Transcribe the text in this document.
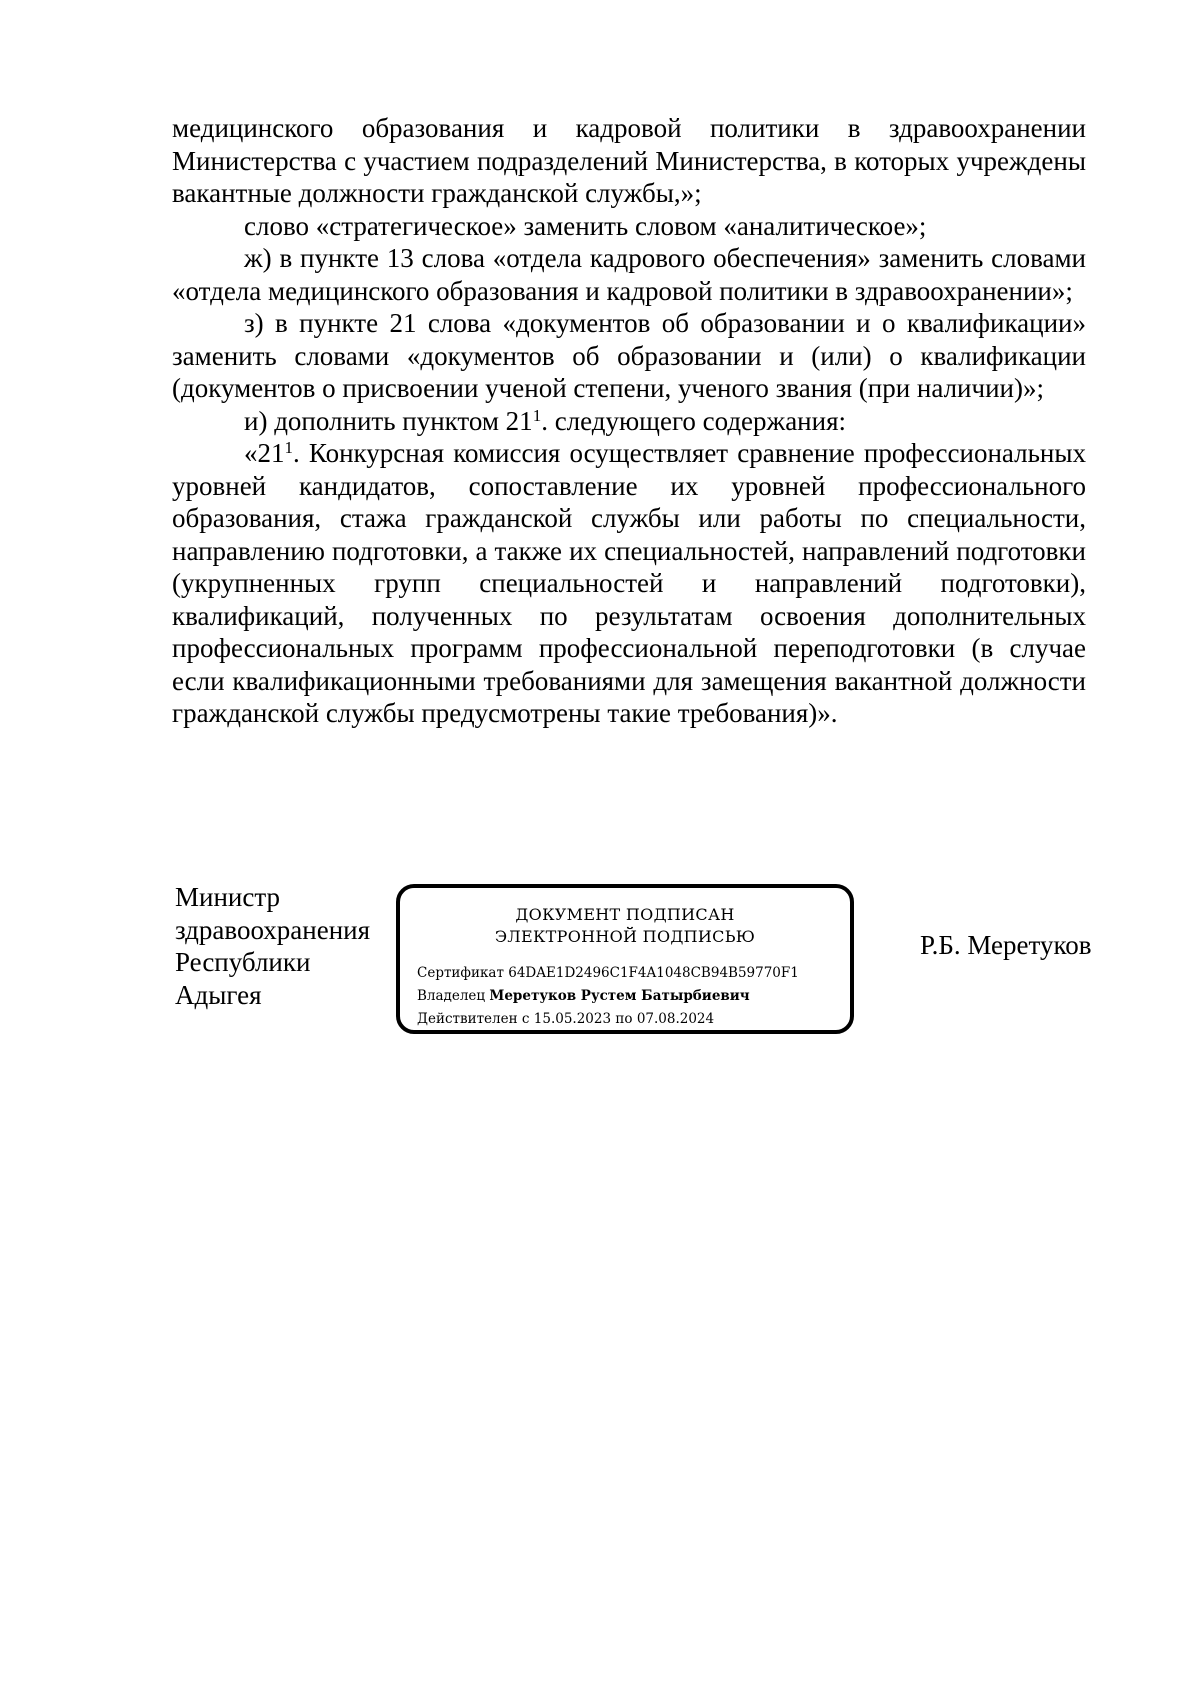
медицинского образования и кадровой политики в здравоохранении Министерства с участием подразделений Министерства, в которых учреждены вакантные должности гражданской службы,»;

слово «стратегическое» заменить словом «аналитическое»;

ж) в пункте 13 слова «отдела кадрового обеспечения» заменить словами «отдела медицинского образования и кадровой политики в здравоохранении»;

з) в пункте 21 слова «документов об образовании и о квалификации» заменить словами «документов об образовании и (или) о квалификации (документов о присвоении ученой степени, ученого звания (при наличии)»;

и) дополнить пунктом $21^1$. следующего содержания:

«$21^1$. Конкурсная комиссия осуществляет сравнение профессиональных уровней кандидатов, сопоставление их уровней профессионального образования, стажа гражданской службы или работы по специальности, направлению подготовки, а также их специальностей, направлений подготовки (укрупненных групп специальностей и направлений подготовки), квалификаций, полученных по результатам освоения дополнительных профессиональных программ профессиональной переподготовки (в случае если квалификационными требованиями для замещения вакантной должности гражданской службы предусмотрены такие требования)».

Министр
здравоохранения
Республики
Адыгея
ДОКУМЕНТ ПОДПИСАН
ЭЛЕКТРОННОЙ ПОДПИСЬЮ
Сертификат 64DAE1D2496C1F4A1048CB94B59770F1
Владелец Меретуков Рустем Батырбиевич
Действителен с 15.05.2023 по 07.08.2024
Р.Б. Меретуков
